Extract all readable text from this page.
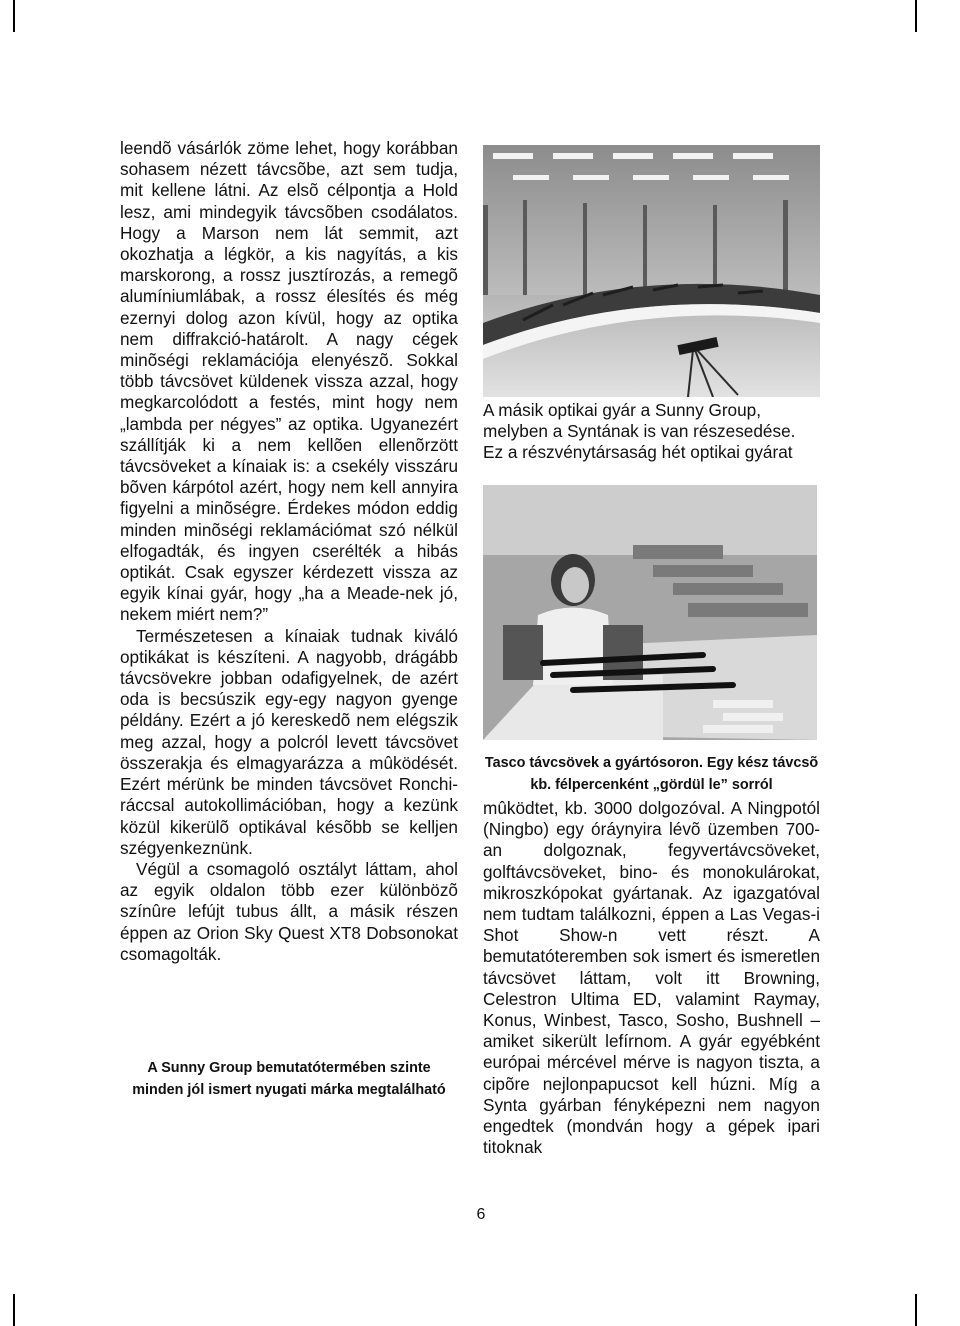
leendõ vásárlók zöme lehet, hogy korábban sohasem nézett távcsõbe, azt sem tudja, mit kellene látni. Az elsõ célpontja a Hold lesz, ami mindegyik távcsõben csodálatos. Hogy a Marson nem lát semmit, azt okozhatja a légkör, a kis nagyítás, a kis marskorong, a rossz jusztírozás, a remegõ alumíniumlábak, a rossz élesítés és még ezernyi dolog azon kívül, hogy az optika nem diffrakció-határolt. A nagy cégek minõségi reklamációja elenyészõ. Sokkal több távcsövet küldenek vissza azzal, hogy megkarcolódott a festés, mint hogy nem „lambda per négyes” az optika. Ugyanezért szállítják ki a nem kellõen ellenõrzött távcsöveket a kínaiak is: a csekély visszáru bõven kárpótol azért, hogy nem kell annyira figyelni a minõségre. Érdekes módon eddig minden minõségi reklamációmat szó nélkül elfogadták, és ingyen cserélték a hibás optikát. Csak egyszer kérdezett vissza az egyik kínai gyár, hogy „ha a Meade-nek jó, nekem miért nem?”

Természetesen a kínaiak tudnak kiváló optikákat is készíteni. A nagyobb, drágább távcsövekre jobban odafigyelnek, de azért oda is becsúszik egy-egy nagyon gyenge példány. Ezért a jó kereskedõ nem elégszik meg azzal, hogy a polcról levett távcsövet összerakja és elmagyarázza a mûködését. Ezért mérünk be minden távcsövet Ronchi-ráccsal autokollimációban, hogy a kezünk közül kikerülõ optikával késõbb se kelljen szégyenkeznünk.

Végül a csomagoló osztályt láttam, ahol az egyik oldalon több ezer különbözõ színûre lefújt tubus állt, a másik részen éppen az Orion Sky Quest XT8 Dobsonokat csomagolták.

A Sunny Group bemutatótermében szinte minden jól ismert nyugati márka megtalálható
A másik optikai gyár a Sunny Group, melyben a Syntának is van részesedése. Ez a részvénytársaság hét optikai gyárat
Tasco távcsövek a gyártósoron. Egy kész távcsõ kb. félpercenként „gördül le” sorról

mûködtet, kb. 3000 dolgozóval. A Ningpotól (Ningbo) egy óráynyira lévõ üzemben 700-an dolgoznak, fegyvertávcsöveket, golftávcsöveket, bino- és monokulárokat, mikroszkópokat gyártanak. Az igazgatóval nem tudtam találkozni, éppen a Las Vegas-i Shot Show-n vett részt. A bemutatóteremben sok ismert és ismeretlen távcsövet láttam, volt itt Browning, Celestron Ultima ED, valamint Raymay, Konus, Winbest, Tasco, Sosho, Bushnell – amiket sikerült lefírnom. A gyár egyébként európai mércével mérve is nagyon tiszta, a cipõre nejlonpapucsot kell húzni. Míg a Synta gyárban fényképezni nem nagyon engedtek (mondván hogy a gépek ipari titoknak

6
